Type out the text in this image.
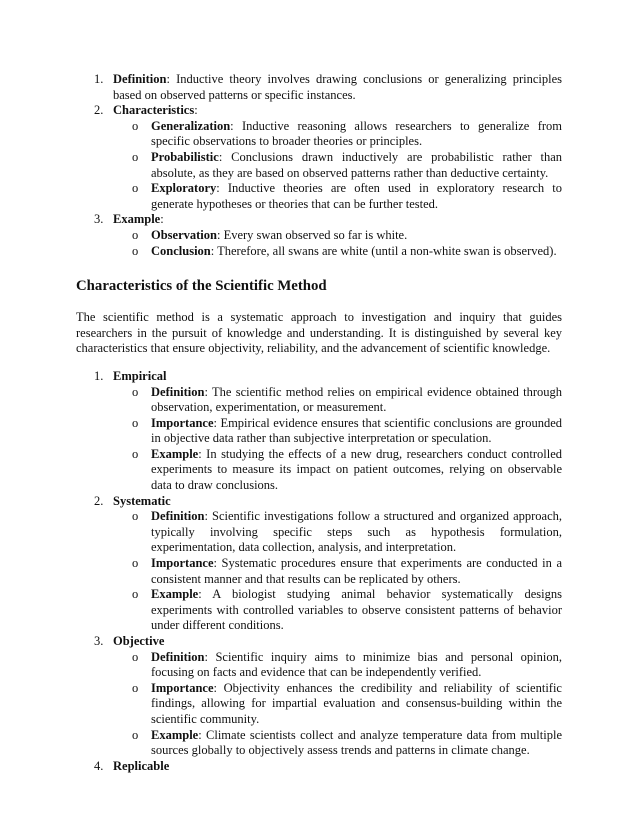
1. Definition: Inductive theory involves drawing conclusions or generalizing principles based on observed patterns or specific instances.
2. Characteristics:
o Generalization: Inductive reasoning allows researchers to generalize from specific observations to broader theories or principles.
o Probabilistic: Conclusions drawn inductively are probabilistic rather than absolute, as they are based on observed patterns rather than deductive certainty.
o Exploratory: Inductive theories are often used in exploratory research to generate hypotheses or theories that can be further tested.
3. Example:
o Observation: Every swan observed so far is white.
o Conclusion: Therefore, all swans are white (until a non-white swan is observed).
Characteristics of the Scientific Method
The scientific method is a systematic approach to investigation and inquiry that guides researchers in the pursuit of knowledge and understanding. It is distinguished by several key characteristics that ensure objectivity, reliability, and the advancement of scientific knowledge.
1. Empirical
o Definition: The scientific method relies on empirical evidence obtained through observation, experimentation, or measurement.
o Importance: Empirical evidence ensures that scientific conclusions are grounded in objective data rather than subjective interpretation or speculation.
o Example: In studying the effects of a new drug, researchers conduct controlled experiments to measure its impact on patient outcomes, relying on observable data to draw conclusions.
2. Systematic
o Definition: Scientific investigations follow a structured and organized approach, typically involving specific steps such as hypothesis formulation, experimentation, data collection, analysis, and interpretation.
o Importance: Systematic procedures ensure that experiments are conducted in a consistent manner and that results can be replicated by others.
o Example: A biologist studying animal behavior systematically designs experiments with controlled variables to observe consistent patterns of behavior under different conditions.
3. Objective
o Definition: Scientific inquiry aims to minimize bias and personal opinion, focusing on facts and evidence that can be independently verified.
o Importance: Objectivity enhances the credibility and reliability of scientific findings, allowing for impartial evaluation and consensus-building within the scientific community.
o Example: Climate scientists collect and analyze temperature data from multiple sources globally to objectively assess trends and patterns in climate change.
4. Replicable
